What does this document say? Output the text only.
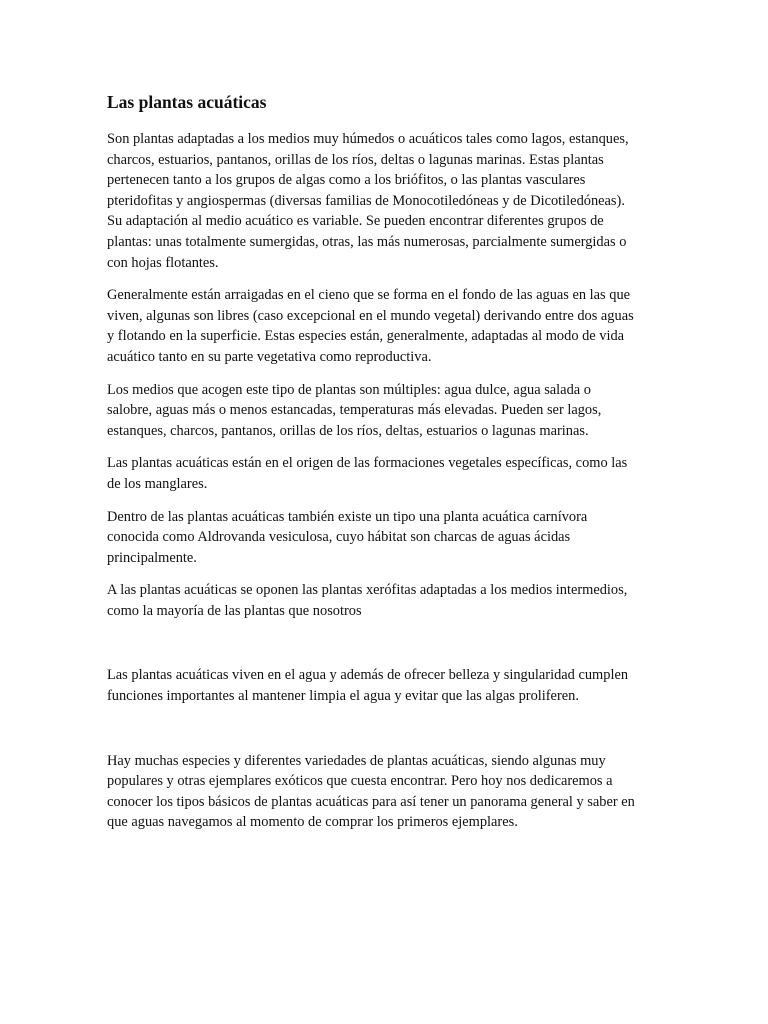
Las plantas acuáticas

Son plantas adaptadas a los medios muy húmedos o acuáticos tales como lagos, estanques,
charcos, estuarios, pantanos, orillas de los ríos, deltas o lagunas marinas. Estas plantas
pertenecen tanto a los grupos de algas como a los briófitos, o las plantas vasculares
pteridofitas y angiospermas (diversas familias de Monocotiledóneas y de Dicotiledóneas).
Su adaptación al medio acuático es variable. Se pueden encontrar diferentes grupos de
plantas: unas totalmente sumergidas, otras, las más numerosas, parcialmente sumergidas o
con hojas flotantes.

Generalmente están arraigadas en el cieno que se forma en el fondo de las aguas en las que
viven, algunas son libres (caso excepcional en el mundo vegetal) derivando entre dos aguas
y flotando en la superficie. Estas especies están, generalmente, adaptadas al modo de vida
acuático tanto en su parte vegetativa como reproductiva.

Los medios que acogen este tipo de plantas son múltiples: agua dulce, agua salada o
salobre, aguas más o menos estancadas, temperaturas más elevadas. Pueden ser lagos,
estanques, charcos, pantanos, orillas de los ríos, deltas, estuarios o lagunas marinas.

Las plantas acuáticas están en el origen de las formaciones vegetales específicas, como las
de los manglares.

Dentro de las plantas acuáticas también existe un tipo una planta acuática carnívora
conocida como Aldrovanda vesiculosa, cuyo hábitat son charcas de aguas ácidas
principalmente.

A las plantas acuáticas se oponen las plantas xerófitas adaptadas a los medios intermedios,
como la mayoría de las plantas que nosotros

Las plantas acuáticas viven en el agua y además de ofrecer belleza y singularidad cumplen
funciones importantes al mantener limpia el agua y evitar que las algas proliferen.

Hay muchas especies y diferentes variedades de plantas acuáticas, siendo algunas muy
populares y otras ejemplares exóticos que cuesta encontrar. Pero hoy nos dedicaremos a
conocer los tipos básicos de plantas acuáticas para así tener un panorama general y saber en
que aguas navegamos al momento de comprar los primeros ejemplares.
